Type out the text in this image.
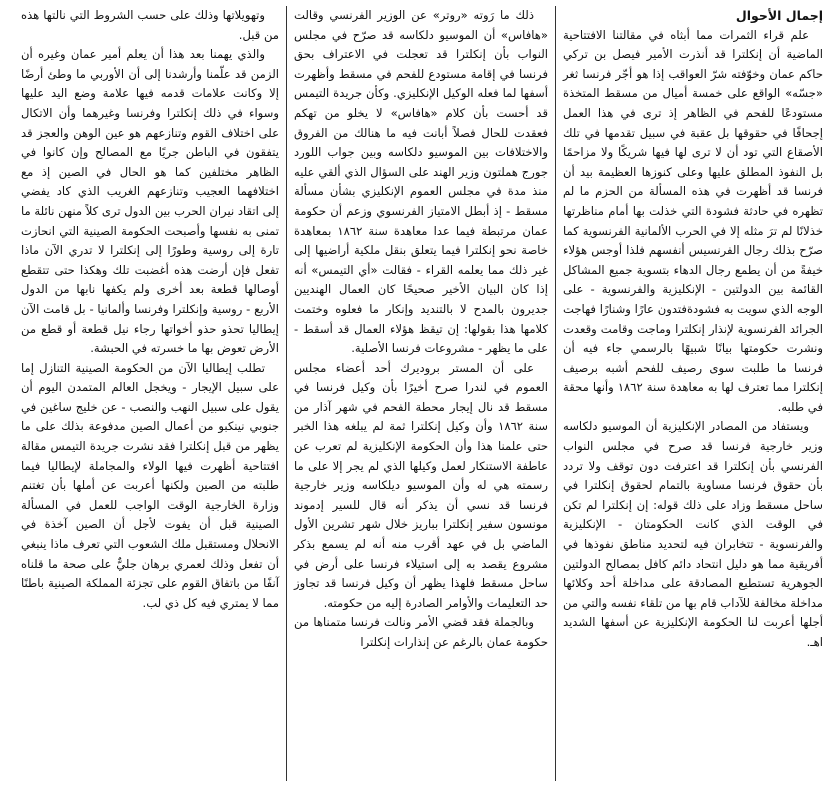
إجمال الأحوال

علم قراء الثمرات مما أبثاه في مقالتنا الافتتاحية الماضية أن إنكلترا قد أنذرت الأمير فيصل بن تركي حاكم عمان وخوّفته شرّ العواقب إذا هو أجّر فرنسا ثغر «جسّه» الواقع على خمسة أميال من مسقط المتخذة مستودعًا للفحم في الظاهر إذ ترى في هذا العمل إجحافًا في حقوقها بل عقبة في سبيل تقدمها في تلك الأصقاع التي تود أن لا ترى لها فيها شريكًا ولا مزاحمًا بل النفوذ المطلق عليها وعلى كنوزها العظيمة بيد أن فرنسا قد أظهرت في هذه المسألة من الحزم ما لم تظهره في حادثة فشودة التي خذلت بها أمام مناظرتها خذلانًا لم ترَ مثله إلا في الحرب الألمانية الفرنسوية كما صرّح بذلك رجال الفرنسيس أنفسهم فلذا أوجس هؤلاء خيفةً من أن يطمع رجال الدهاء بتسوية جميع المشاكل القائمة بين الدولتين - الإنكليزية والفرنسوية - على الوجه الذي سويت به فشودةفتدون عارًا وشنارًا فهاجت الجرائد الفرنسوية لإنذار إنكلترا وماجت وقامت وقعدت ونشرت حكومتها بيانًا شبيهًا بالرسمي جاء فيه أن فرنسا ما طلبت سوى رصيف للفحم أشبه برصيف إنكلترا مما تعترف لها به معاهدة سنة ١٨٦٢ وأنها محقة في طلبه.

ويستفاد من المصادر الإنكليزية أن الموسيو دلكاسه وزير خارجية فرنسا قد صرح في مجلس النواب الفرنسي بأن إنكلترا قد اعترفت دون توقف ولا تردد بأن حقوق فرنسا مساوية بالتمام لحقوق إنكلترا في ساحل مسقط وزاد على ذلك قوله: إن إنكلترا لم تكن في الوقت الذي كانت الحكومتان - الإنكليزية والفرنسوية - تتخابران فيه لتحديد مناطق نفوذها في أفريقية مما هو دليل انتحاد دائم كافل بمصالح الدولتين الجوهرية تستطيع المصادقة على مداخلة أحد وكلائها مداخلة مخالفة للآداب قام بها من تلقاء نفسه والتي من أجلها أعربت لنا الحكومة الإنكليزية عن أسفها الشديد اهـ.

ذلك ما رَوته «روتر» عن الوزير الفرنسي وقالت «هافاس» أن الموسيو دلكاسه قد صرّح في مجلس النواب بأن إنكلترا قد تعجلت في الاعتراف بحق فرنسا في إقامة مستودع للفحم في مسقط وأظهرت أسفها لما فعله الوكيل الإنكليزي. وكأن جريدة التيمس قد أحست بأن كلام «هافاس» لا يخلو من تهكم فعقدت للحال فصلاً أبانت فيه ما هنالك من الفروق والاختلافات بين الموسيو دلكاسه وبين جواب اللورد جورج هملتون وزير الهند على السؤال الذي ألقي عليه منذ مدة في مجلس العموم الإنكليزي بشأن مسألة مسقط - إذ أبطل الامتياز الفرنسوي وزعم أن حكومة عمان مرتبطة فيما عدا معاهدة سنة ١٨٦٢ بمعاهدة خاصة نحو إنكلترا فيما يتعلق بنقل ملكية أراضيها إلى غير ذلك مما يعلمه القراء - فقالت «أي التيمس» أنه إذا كان البيان الأخير صحيحًا كان العمال الهنديين جديرون بالمدح لا بالتنديد وإنكار ما فعلوه وختمت كلامها هذا بقولها: إن تيقظ هؤلاء العمال قد أسقط - على ما يظهر - مشروعات فرنسا الأصلية.

على أن المستر بروديرك أحد أعضاء مجلس العموم في لندرا صرح أخيرًا بأن وكيل فرنسا في مسقط قد نال إيجار محطة الفحم في شهر آذار من سنة ١٨٦٢ وأن وكيل إنكلترا ثمة لم يبلغه هذا الخبر حتى علمنا هذا وأن الحكومة الإنكليزية لم تعرب عن عاطفة الاستنكار لعمل وكيلها الذي لم يجر إلا على ما رسمته هي له وأن الموسيو ديلكاسه وزير خارجية فرنسا قد نسي أن يذكر أنه قال للسير إدموند مونسون سفير إنكلترا بباريز خلال شهر تشرين الأول الماضي بل في عهد أقرب منه أنه لم يسمع بذكر مشروع يقصد به إلى استيلاء فرنسا على أرض في ساحل مسقط فلهذا يظهر أن وكيل فرنسا قد تجاوز حد التعليمات والأوامر الصادرة إليه من حكومته.

وبالجملة فقد قضي الأمر ونالت فرنسا متمناها من حكومة عمان بالرغم عن إنذارات إنكلترا

وتهويلاتها وذلك على حسب الشروط التي نالتها هذه من قبل.

والذي يهمنا بعد هذا أن يعلم أمير عمان وغيره أن الزمن قد علّمنا وأرشدنا إلى أن الأوربي ما وطئ أرضًا إلا وكانت علامات قدمه فيها علامة وضع اليد عليها وسواء في ذلك إنكلترا وفرنسا وغيرهما وأن الاتكال على اختلاف القوم وتنازعهم هو عين الوهن والعجز قد يتفقون في الباطن جريًا مع المصالح وإن كانوا في الظاهر مختلفين كما هو الحال في الصين إذ مع اختلافهما العجيب وتنازعهم الغريب الذي كاد يفضي إلى اتقاد نيران الحرب بين الدول ترى كلاً منهن نائلة ما تمنى به نفسها وأصبحت الحكومة الصينية التي انحازت تارة إلى روسية وطورًا إلى إنكلترا لا تدري الآن ماذا تفعل فإن أرضت هذه أغضبت تلك وهكذا حتى تتقطع أوصالها قطعة بعد أخرى ولم يكفها نابها من الدول الأربع - روسية وإنكلترا وفرنسا وألمانيا - بل قامت الآن إيطاليا تحذو حذو أخواتها رجاء نيل قطعة أو قطع من الأرض تعوض بها ما خسرته في الحبشة.

تطلب إيطاليا الآن من الحكومة الصينية التنازل إما على سبيل الإيجار - ويخجل العالم المتمدن اليوم أن يقول على سبيل النهب والنصب - عن خليج ساغين في جنوبي نينكبو من أعمال الصين مدفوعة بذلك على ما يظهر من قبل إنكلترا فقد نشرت جريدة التيمس مقالة افتتاحية أظهرت فيها الولاء والمجاملة لإيطاليا فيما طلبته من الصين ولكنها أعربت عن أملها بأن تغتنم وزارة الخارجية الوقت الواجب للعمل في المسألة الصينية قبل أن يفوت لأجل أن الصين آخذة في الانحلال ومستقبل ملك الشعوب التي تعرف ماذا ينبغي أن تفعل وذلك لعمري برهان جليٌّ على صحة ما قلناه آنفًا من باتفاق القوم على تجزئة المملكة الصينية باطنًا مما لا يمتري فيه كل ذي لب.
